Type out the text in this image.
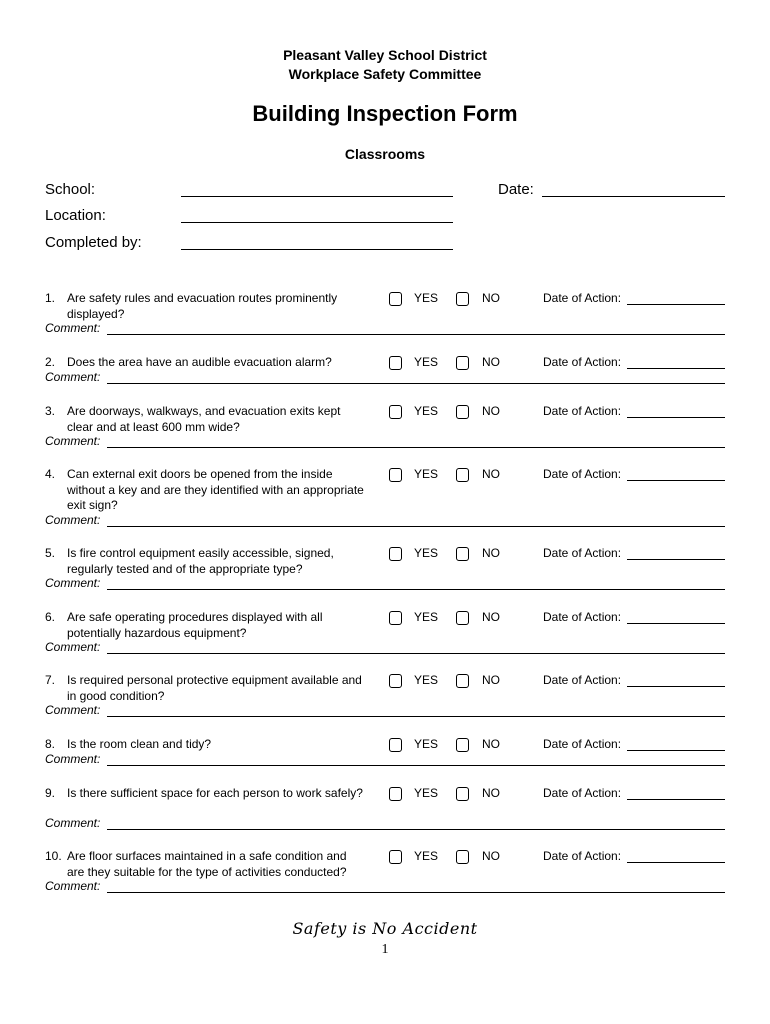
Pleasant Valley School District
Workplace Safety Committee
Building Inspection Form
Classrooms
School:	Date:
Location:
Completed by:
1. Are safety rules and evacuation routes prominently displayed?
YES	NO	Date of Action:
Comment:
2. Does the area have an audible evacuation alarm?	YES	NO	Date of Action:
Comment:
3. Are doorways, walkways, and evacuation exits kept clear and at least 600 mm wide?
YES	NO	Date of Action:
Comment:
4. Can external exit doors be opened from the inside without a key and are they identified with an appropriate exit sign?
YES	NO	Date of Action:
Comment:
5. Is fire control equipment easily accessible, signed, regularly tested and of the appropriate type?
YES	NO	Date of Action:
Comment:
6. Are safe operating procedures displayed with all potentially hazardous equipment?
YES	NO	Date of Action:
Comment:
7. Is required personal protective equipment available and in good condition?
YES	NO	Date of Action:
Comment:
8. Is the room clean and tidy?	YES	NO	Date of Action:
Comment:
9. Is there sufficient space for each person to work safely?	YES	NO	Date of Action:
Comment:
10. Are floor surfaces maintained in a safe condition and are they suitable for the type of activities conducted?
YES	NO	Date of Action:
Comment:
Safety is No Accident
1
